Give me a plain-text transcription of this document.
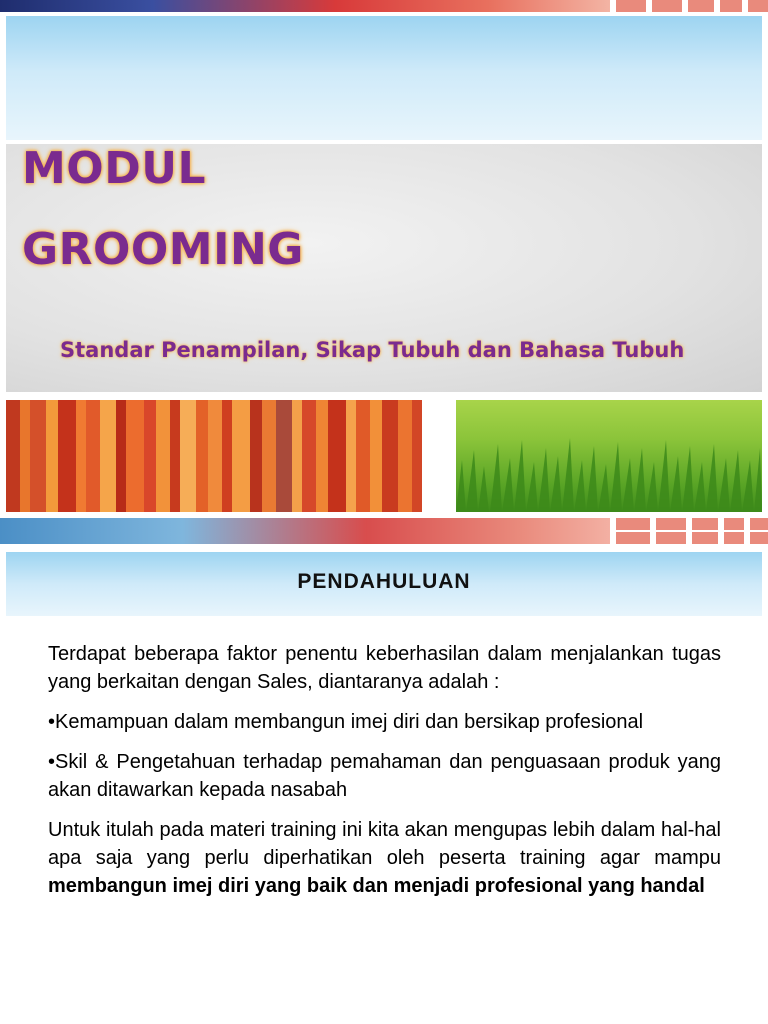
MODUL
GROOMING
Standar Penampilan, Sikap Tubuh dan Bahasa Tubuh
PENDAHULUAN

Terdapat beberapa faktor penentu keberhasilan dalam menjalankan tugas yang berkaitan dengan Sales, diantaranya adalah :

•Kemampuan dalam membangun imej diri dan bersikap profesional

•Skil & Pengetahuan terhadap pemahaman dan penguasaan produk yang akan ditawarkan kepada nasabah

Untuk itulah pada materi training ini kita akan mengupas lebih dalam hal-hal apa saja yang perlu diperhatikan oleh peserta training agar mampu membangun imej diri yang baik dan menjadi profesional yang handal
